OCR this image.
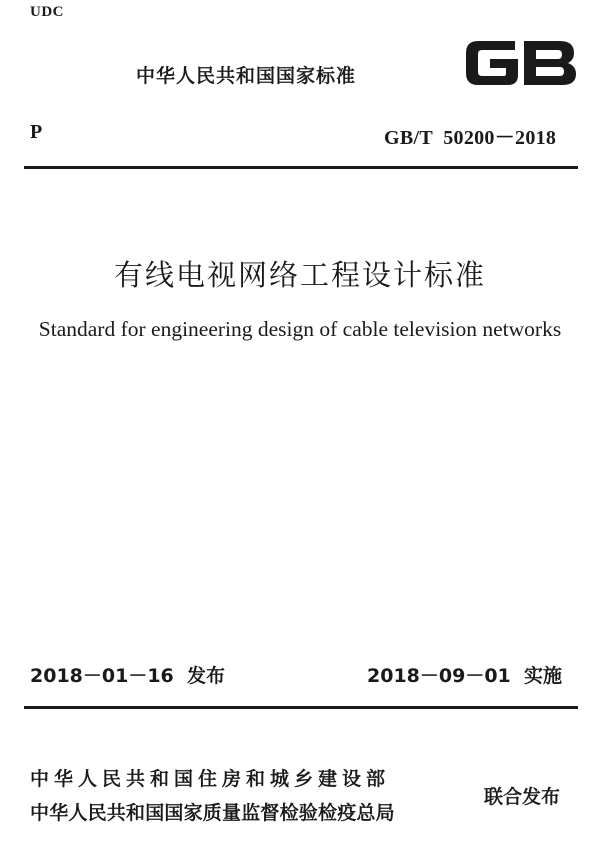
UDC
中华人民共和国国家标准
P	GB/T  50200－2018
有线电视网络工程设计标准
Standard for engineering design of cable television networks
2018－01－16  发布	2018－09－01  实施
中华人民共和国住房和城乡建设部
中华人民共和国国家质量监督检验检疫总局
联合发布
